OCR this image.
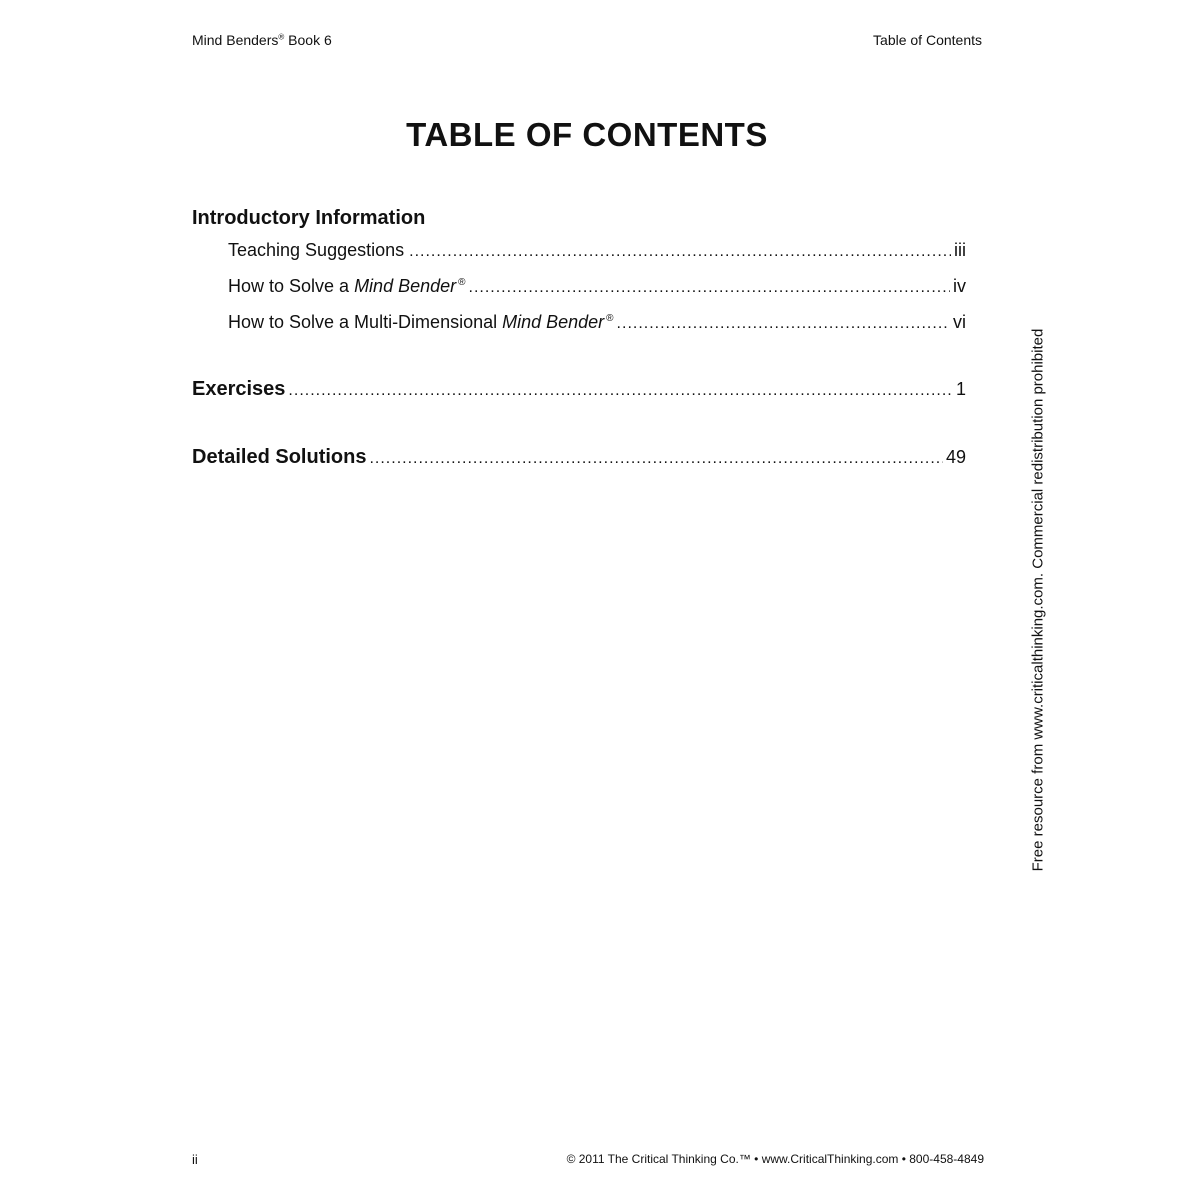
Mind Benders® Book 6	Table of Contents
TABLE OF CONTENTS
Introductory Information
Teaching Suggestions .....	iii
How to Solve a Mind Bender ® .....	iv
How to Solve a Multi-Dimensional Mind Bender ® .....	vi
Exercises .....	1
Detailed Solutions .....	49	Free resource from www.criticalthinking.com. Commercial redistribution prohibited
ii	© 2011 The Critical Thinking Co.™ • www.CriticalThinking.com • 800-458-4849
